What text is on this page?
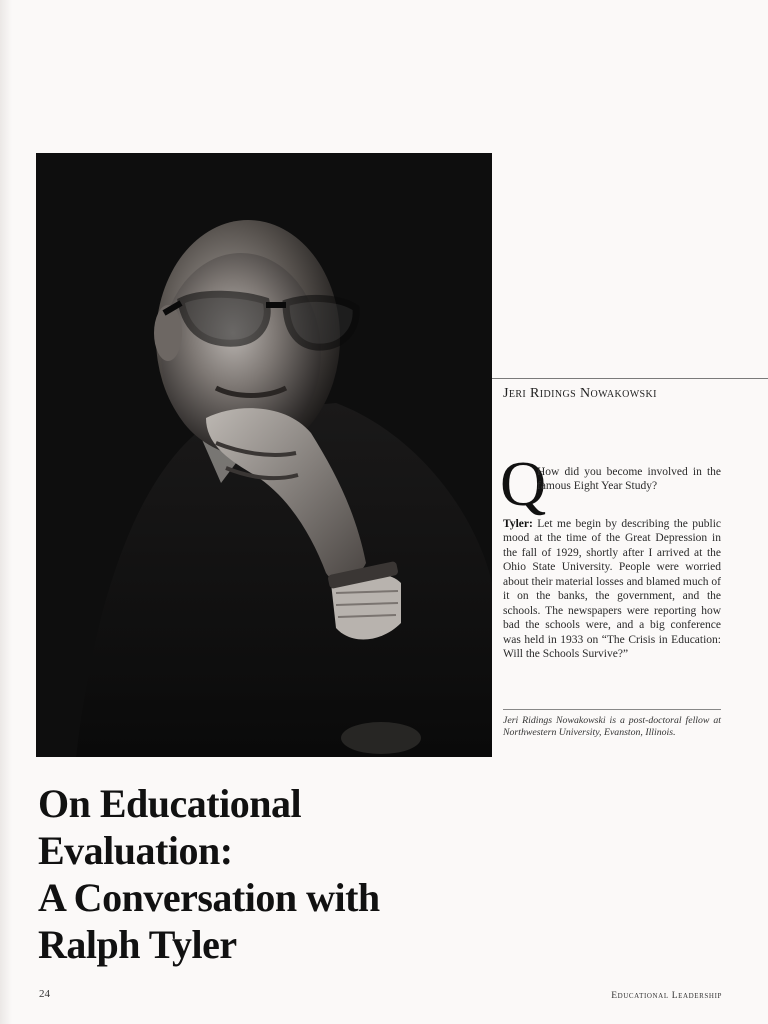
Jeri Ridings Nowakowski
Q
How did you become involved in the famous Eight Year Study?
Tyler: Let me begin by describing the public mood at the time of the Great Depression in the fall of 1929, shortly after I arrived at the Ohio State University. People were worried about their material losses and blamed much of it on the banks, the government, and the schools. The newspapers were reporting how bad the schools were, and a big conference was held in 1933 on “The Crisis in Education: Will the Schools Survive?”
Jeri Ridings Nowakowski is a post-doctoral fellow at Northwestern University, Evanston, Illinois.
On Educational
Evaluation:
A Conversation with
Ralph Tyler
24	Educational Leadership
